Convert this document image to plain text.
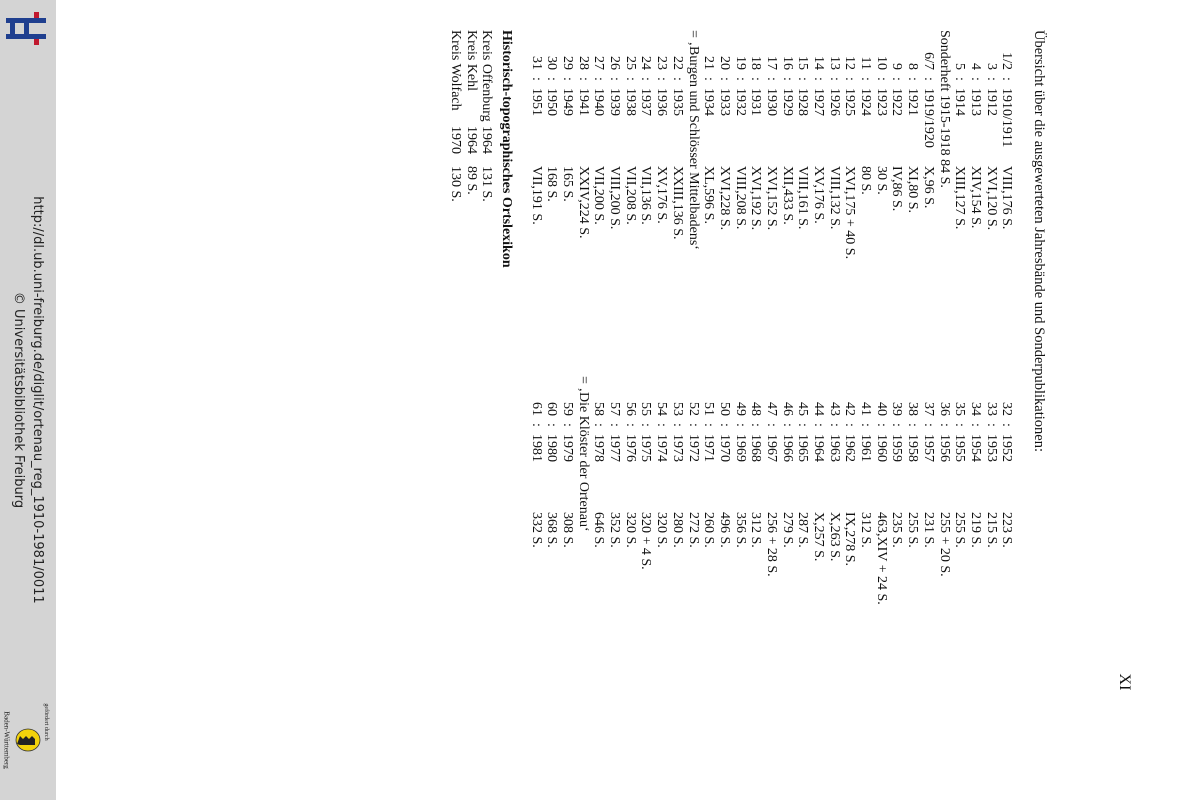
http://dl.ub.uni-freiburg.de/diglit/ortenau_reg_1910-1981/0011
© Universitätsbibliothek Freiburg
gefördert durch
Baden-Württemberg
Übersicht über die ausgewerteten Jahresbände und Sonderpublikationen:
1/2
:
1910/1911
VIII,176 S.
32
:
1952
223 S.
3
:
1912
XVI,120 S.
33
:
1953
215 S.
4
:
1913
XIV,154 S.
34
:
1954
219 S.
5
:
1914
XIII,127 S.
35
:
1955
255 S.
Sonderheft 1915-1918 84 S.
36
:
1956
255 + 20 S.
6/7
:
1919/1920
X,96 S.
37
:
1957
231 S.
8
:
1921
XI,80 S.
38
:
1958
255 S.
9
:
1922
IV,86 S.
39
:
1959
235 S.
10
:
1923
30 S.
40
:
1960
463,XIV + 24 S.
11
:
1924
80 S.
41
:
1961
312 S.
12
:
1925
XVI,175 + 40 S.
42
:
1962
IX,278 S.
13
:
1926
VIII,132 S.
43
:
1963
X,263 S.
14
:
1927
XV,176 S.
44
:
1964
X,257 S.
15
:
1928
VIII,161 S.
45
:
1965
287 S.
16
:
1929
XII,433 S.
46
:
1966
279 S.
17
:
1930
XVI,152 S.
47
:
1967
256 + 28 S.
18
:
1931
XVI,192 S.
48
:
1968
312 S.
19
:
1932
VIII,208 S.
49
:
1969
356 S.
20
:
1933
XVI,228 S.
50
:
1970
496 S.
21
:
1934
XL,596 S.
51
:
1971
260 S.
= ‚Burgen und Schlösser Mittelbadens‘
52
:
1972
272 S.
22
:
1935
XXIII,136 S.
53
:
1973
280 S.
23
:
1936
XV,176 S.
54
:
1974
320 S.
24
:
1937
VII,136 S.
55
:
1975
320 + 4 S.
25
:
1938
VII,208 S.
56
:
1976
320 S.
26
:
1939
VIII,200 S.
57
:
1977
352 S.
27
:
1940
VII,200 S.
58
:
1978
646 S.
28
:
1941
XXIV,224 S.
= ‚Die Klöster der Ortenau‘
29
:
1949
165 S.
59
:
1979
308 S.
30
:
1950
168 S.
60
:
1980
368 S.
31
:
1951
VII,191 S.
61
:
1981
332 S.
Historisch-topographisches Ortslexikon
Kreis Offenburg
1964
131 S.
Kreis Kehl
1964
89 S.
Kreis Wolfach
1970
130 S.
XI
